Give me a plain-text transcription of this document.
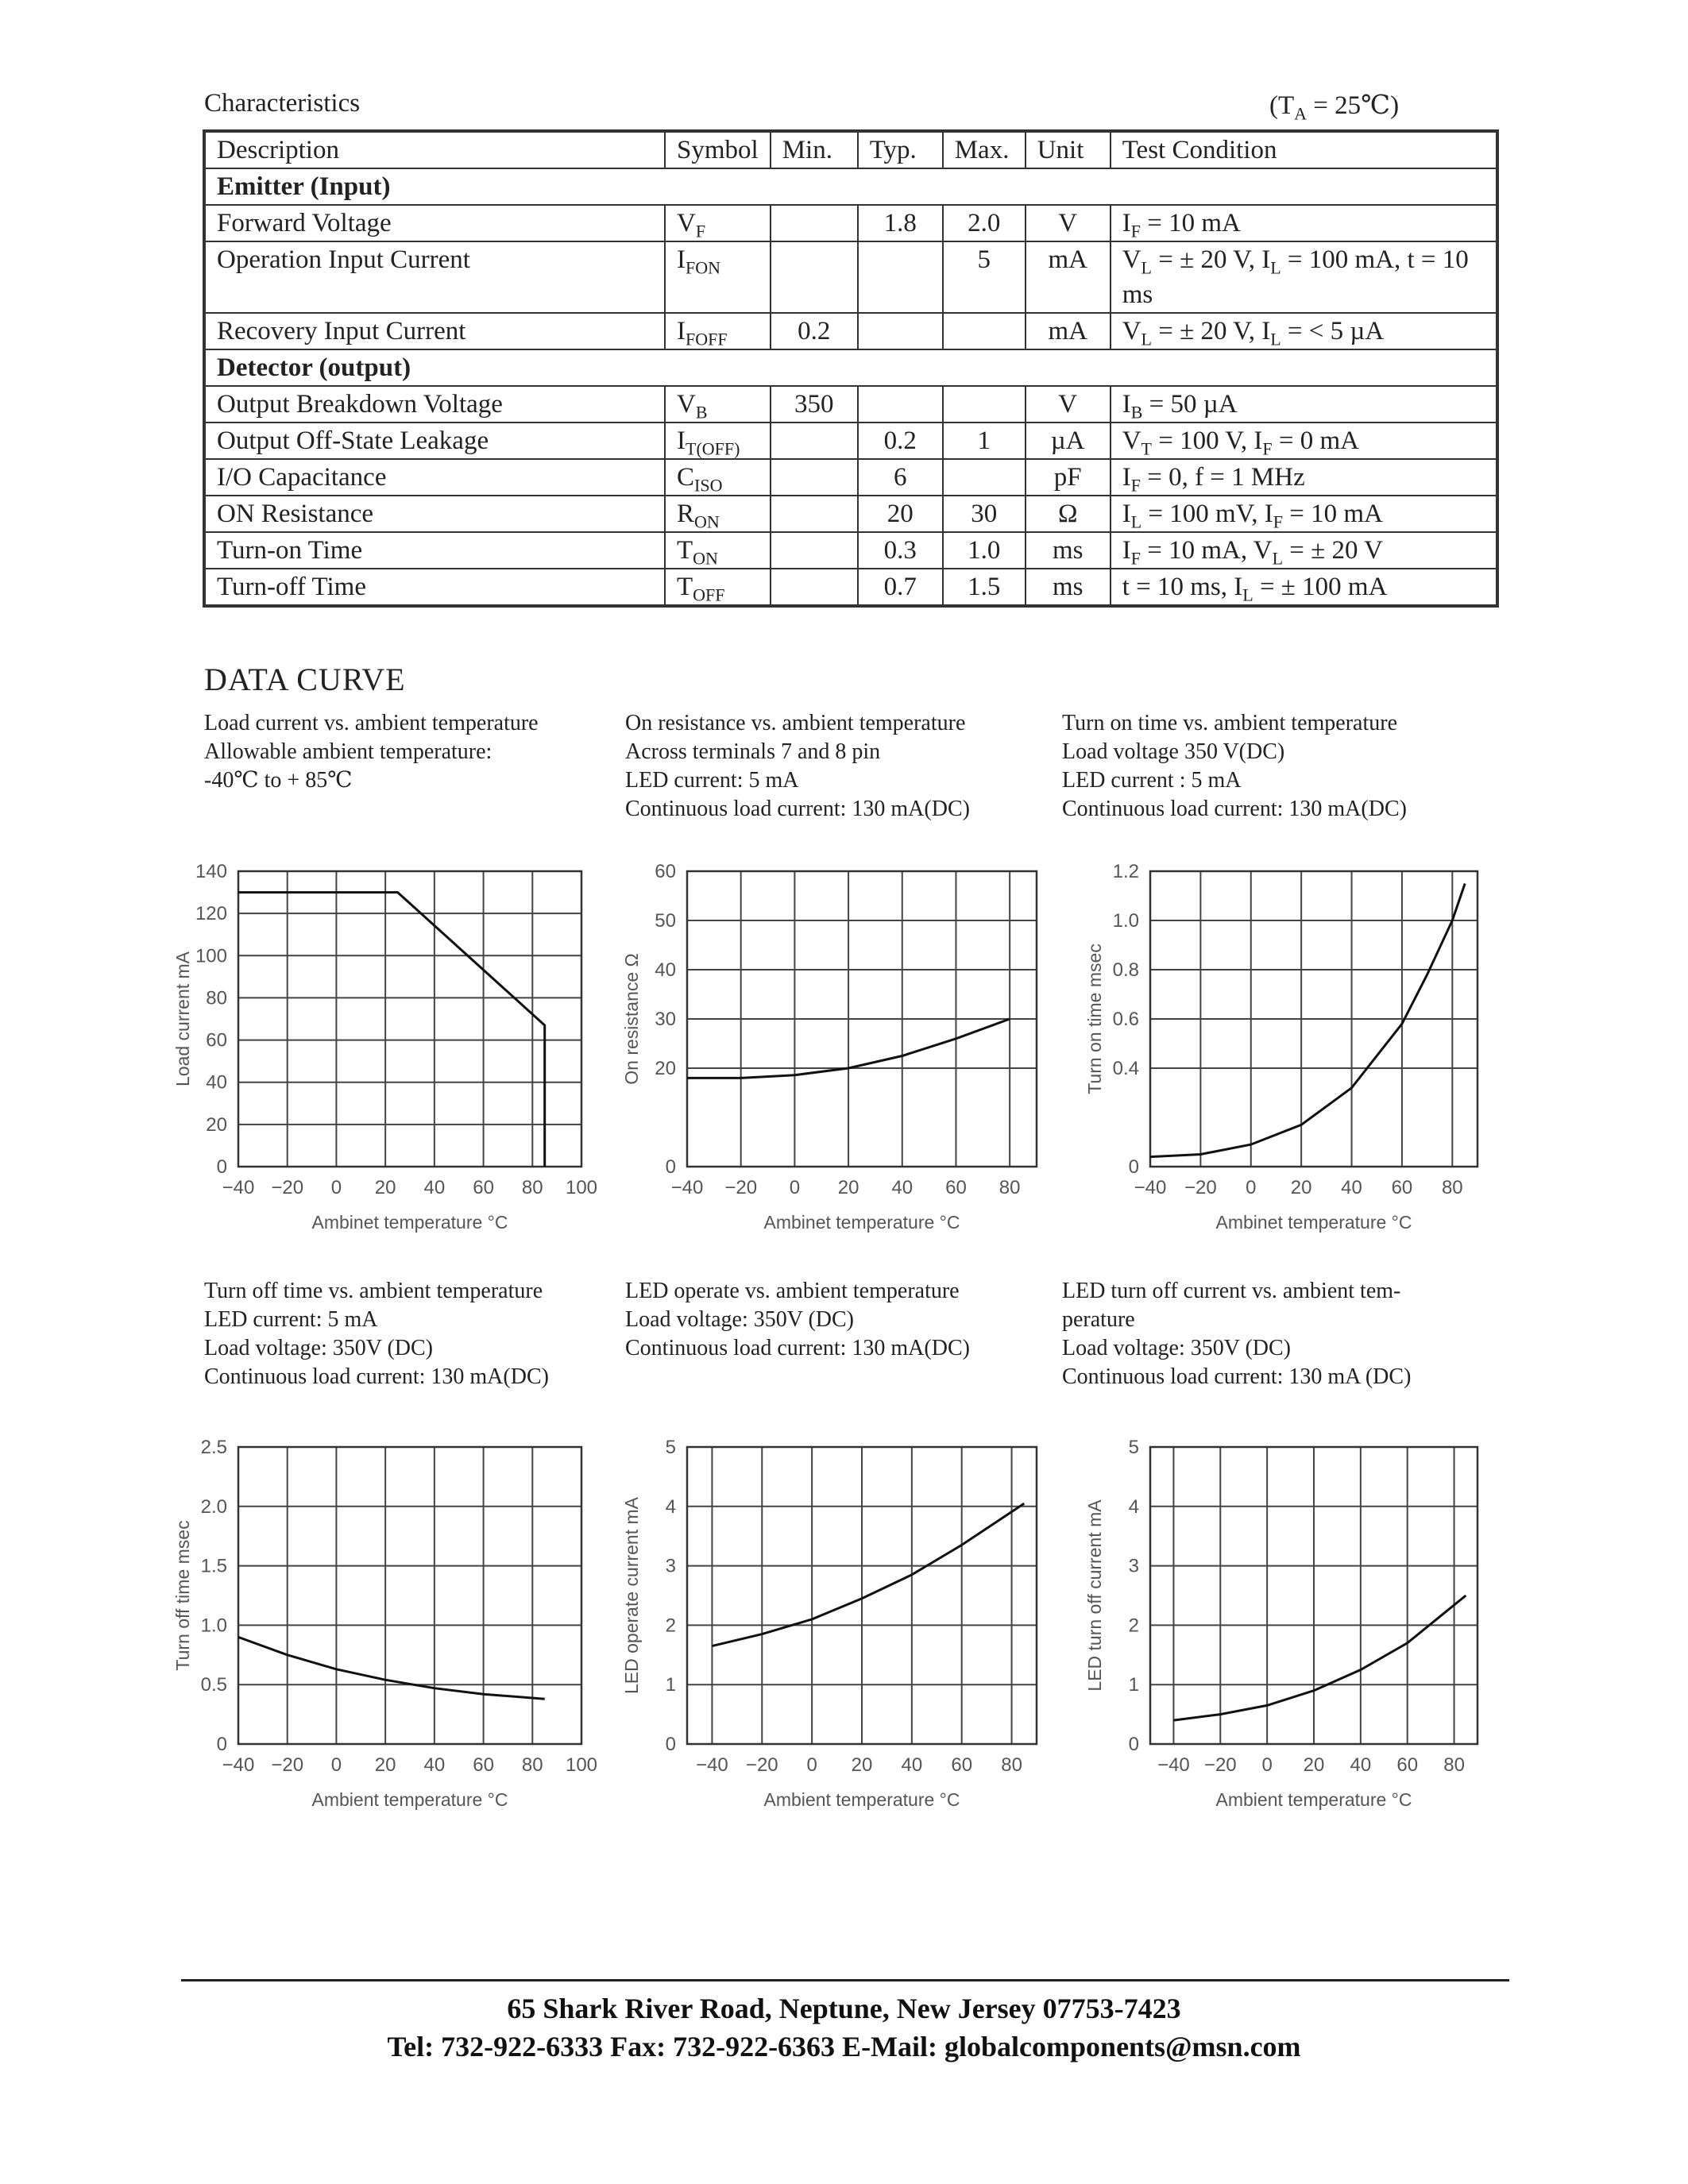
Characteristics	($T_A$ = 25℃)
Description	Symbol	Min.	Typ.	Max.	Unit	Test Condition
Emitter (Input)						
Forward Voltage	$V_F$		1.8	2.0	V	$I_F = 10$ mA
Operation Input Current	$I_{FON}$			5	mA	$V_L$ = ± 20 V, $I_L = 100$ mA, t = 10 ms
Recovery Input Current	$I_{FOFF}$	0.2			mA	$V_L$ = ± 20 V, $I_L$ = < 5 µA
Detector (output)						
Output Breakdown Voltage	$V_B$	350			V	$I_B = 50$ µA
Output Off-State Leakage	$I_{T(OFF)}$		0.2	1	µA	$V_T = 100$ V, $I_F = 0$ mA
I/O Capacitance	$C_{ISO}$		6		pF	$I_F = 0$, f = 1 MHz
ON Resistance	$R_{ON}$		20	30	Ω	$I_L = 100$ mV, $I_F = 10$ mA
Turn-on Time	$T_{ON}$		0.3	1.0	ms	$I_F = 10$ mA, $V_L$ = ± 20 V
Turn-off Time	$T_{OFF}$		0.7	1.5	ms	t = 10 ms, $I_L$ = ± 100 mA
DATA CURVE
Load current vs. ambient temperature
Allowable ambient temperature:
-40℃ to + 85℃
On resistance vs. ambient temperature
Across terminals 7 and 8 pin
LED current: 5 mA
Continuous load current: 130 mA(DC)
Turn on time vs. ambient temperature
Load voltage 350 V(DC)
LED current : 5 mA
Continuous load current: 130 mA(DC)
Turn off time vs. ambient temperature
LED current: 5 mA
Load voltage: 350V (DC)
Continuous load current: 130 mA(DC)
LED operate vs. ambient temperature
Load voltage: 350V (DC)
Continuous load current: 130 mA(DC)
LED turn off current vs. ambient tem-
perature
Load voltage: 350V (DC)
Continuous load current: 130 mA (DC)
−40 −20 0 20 40 60 80 100
0
20
40
60
80
100
120
140
Ambinet temperature °C
Load current mA
−40 −20 0 20 40 60 80
0
20
30
40
50
60
Ambinet temperature °C
On resistance Ω
−40 −20 0 20 40 60 80
0
0.4
0.6
0.8
1.0
1.2
Ambinet temperature °C
Turn on time msec
−40 −20 0 20 40 60 80 100
0
0.5
1.0
1.5
2.0
2.5
Ambient temperature °C
Turn off time msec
−40 −20 0 20 40 60 80
0
1
2
3
4
5
Ambient temperature °C
LED operate current mA
−40 −20 0 20 40 60 80
0
1
2
3
4
5
Ambient temperature °C
LED turn off current mA
65 Shark River Road, Neptune, New Jersey 07753-7423
Tel: 732-922-6333 Fax: 732-922-6363 E-Mail: globalcomponents@msn.com
